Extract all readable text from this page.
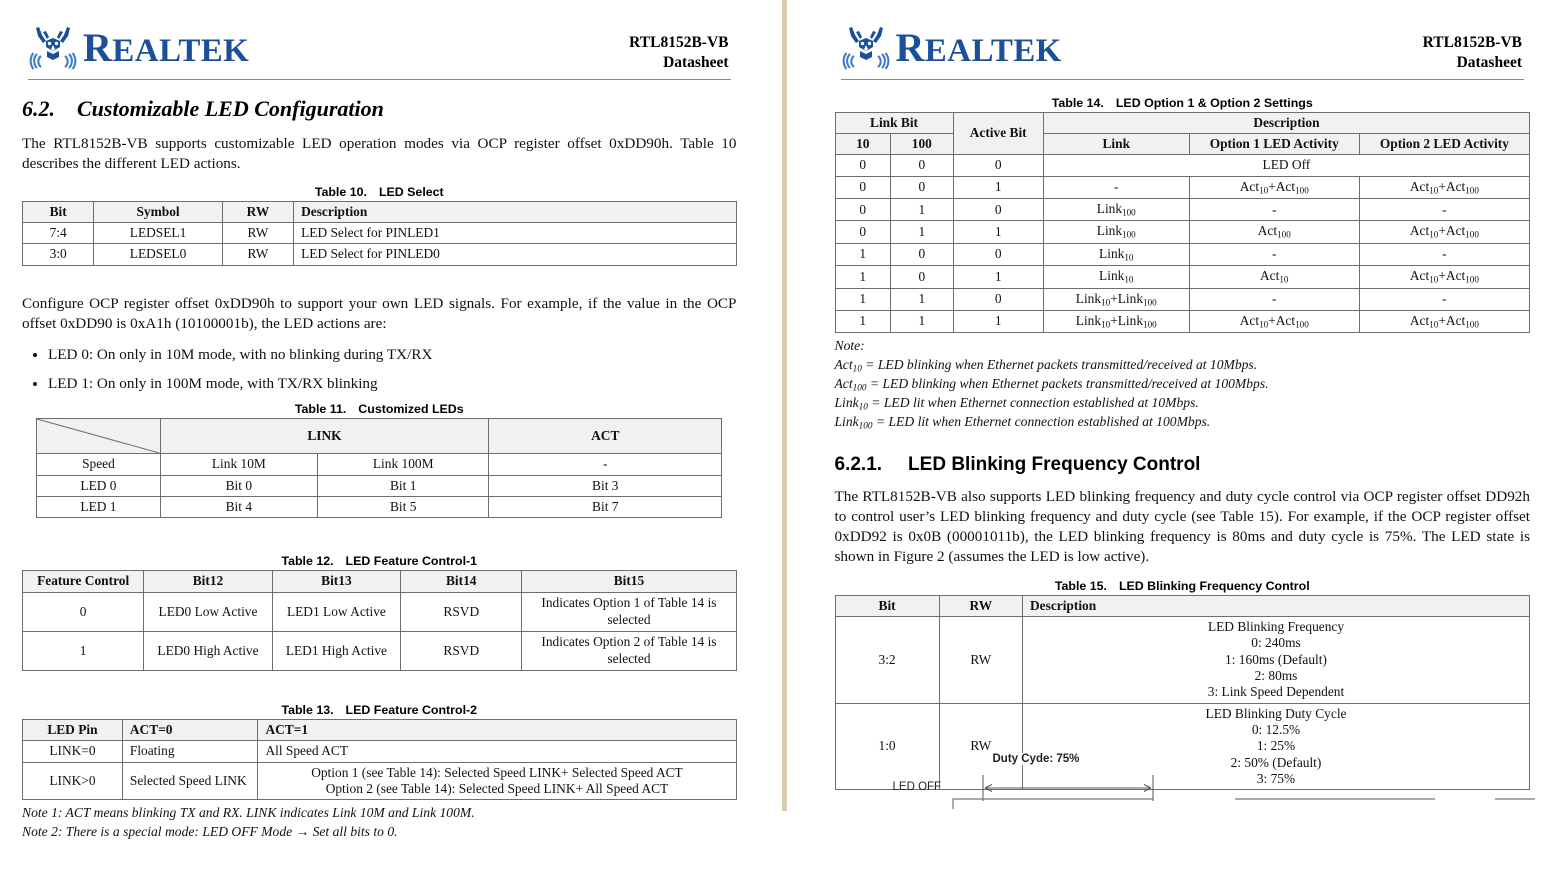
REALTEK	RTL8152B-VB
Datasheet
6.2. Customizable LED Configuration

The RTL8152B-VB supports customizable LED operation modes via OCP register offset 0xDD90h. Table 10 describes the different LED actions.

Table 10. LED Select
Bit	Symbol	RW	Description
7:4	LEDSEL1	RW	LED Select for PINLED1
3:0	LEDSEL0	RW	LED Select for PINLED0

Configure OCP register offset 0xDD90h to support your own LED signals. For example, if the value in the OCP offset 0xDD90 is 0xA1h (10100001b), the LED actions are:

• LED 0: On only in 10M mode, with no blinking during TX/RX
• LED 1: On only in 100M mode, with TX/RX blinking
Table 11. Customized LEDs
	LINK		ACT
Speed	Link 10M	Link 100M	-
LED 0	Bit 0	Bit 1	Bit 3
LED 1	Bit 4	Bit 5	Bit 7
Table 12. LED Feature Control-1
Feature Control	Bit12	Bit13	Bit14	Bit15
0	LED0 Low Active	LED1 Low Active	RSVD	Indicates Option 1 of Table 14 is selected
1	LED0 High Active	LED1 High Active	RSVD	Indicates Option 2 of Table 14 is selected
Table 13. LED Feature Control-2
LED Pin	ACT=0	ACT=1
LINK=0	Floating	All Speed ACT
LINK>0	Selected Speed LINK	Option 1 (see Table 14): Selected Speed LINK+ Selected Speed ACT
Option 2 (see Table 14): Selected Speed LINK+ All Speed ACT
Note 1: ACT means blinking TX and RX. LINK indicates Link 10M and Link 100M.
Note 2: There is a special mode: LED OFF Mode → Set all bits to 0.
REALTEK	RTL8152B-VB
Datasheet
Table 14. LED Option 1 & Option 2 Settings
Link Bit		Active Bit	Description		
10	100		Link	Option 1 LED Activity	Option 2 LED Activity
0	0	0	LED Off		
0	0	1	-	Act$_{10}$+Act$_{100}$	Act$_{10}$+Act$_{100}$
0	1	0	Link$_{100}$	-	-
0	1	1	Link$_{100}$	Act$_{100}$	Act$_{10}$+Act$_{100}$
1	0	0	Link$_{10}$	-	-
1	0	1	Link$_{10}$	Act$_{10}$	Act$_{10}$+Act$_{100}$
1	1	0	Link$_{10}$+Link$_{100}$	-	-
1	1	1	Link$_{10}$+Link$_{100}$	Act$_{10}$+Act$_{100}$	Act$_{10}$+Act$_{100}$
Note:
Act$_{10}$ = LED blinking when Ethernet packets transmitted/received at 10Mbps.
Act$_{100}$ = LED blinking when Ethernet packets transmitted/received at 100Mbps.
Link$_{10}$ = LED lit when Ethernet connection established at 10Mbps.
Link$_{100}$ = LED lit when Ethernet connection established at 100Mbps.
6.2.1. LED Blinking Frequency Control

The RTL8152B-VB also supports LED blinking frequency and duty cycle control via OCP register offset DD92h to control user’s LED blinking frequency and duty cycle (see Table 15). For example, if the OCP register offset 0xDD92 is 0x0B (00001011b), the LED blinking frequency is 80ms and duty cycle is 75%. The LED state is shown in Figure 2 (assumes the LED is low active).

Table 15. LED Blinking Frequency Control
Bit	RW	Description
3:2	RW	LED Blinking Frequency
0: 240ms
1: 160ms (Default)
2: 80ms
3: Link Speed Dependent

1:0	RW	LED Blinking Duty Cycle
0: 12.5%
1: 25%
2: 50% (Default)
3: 75%
Duty Cyde: 75%
LED OFF
